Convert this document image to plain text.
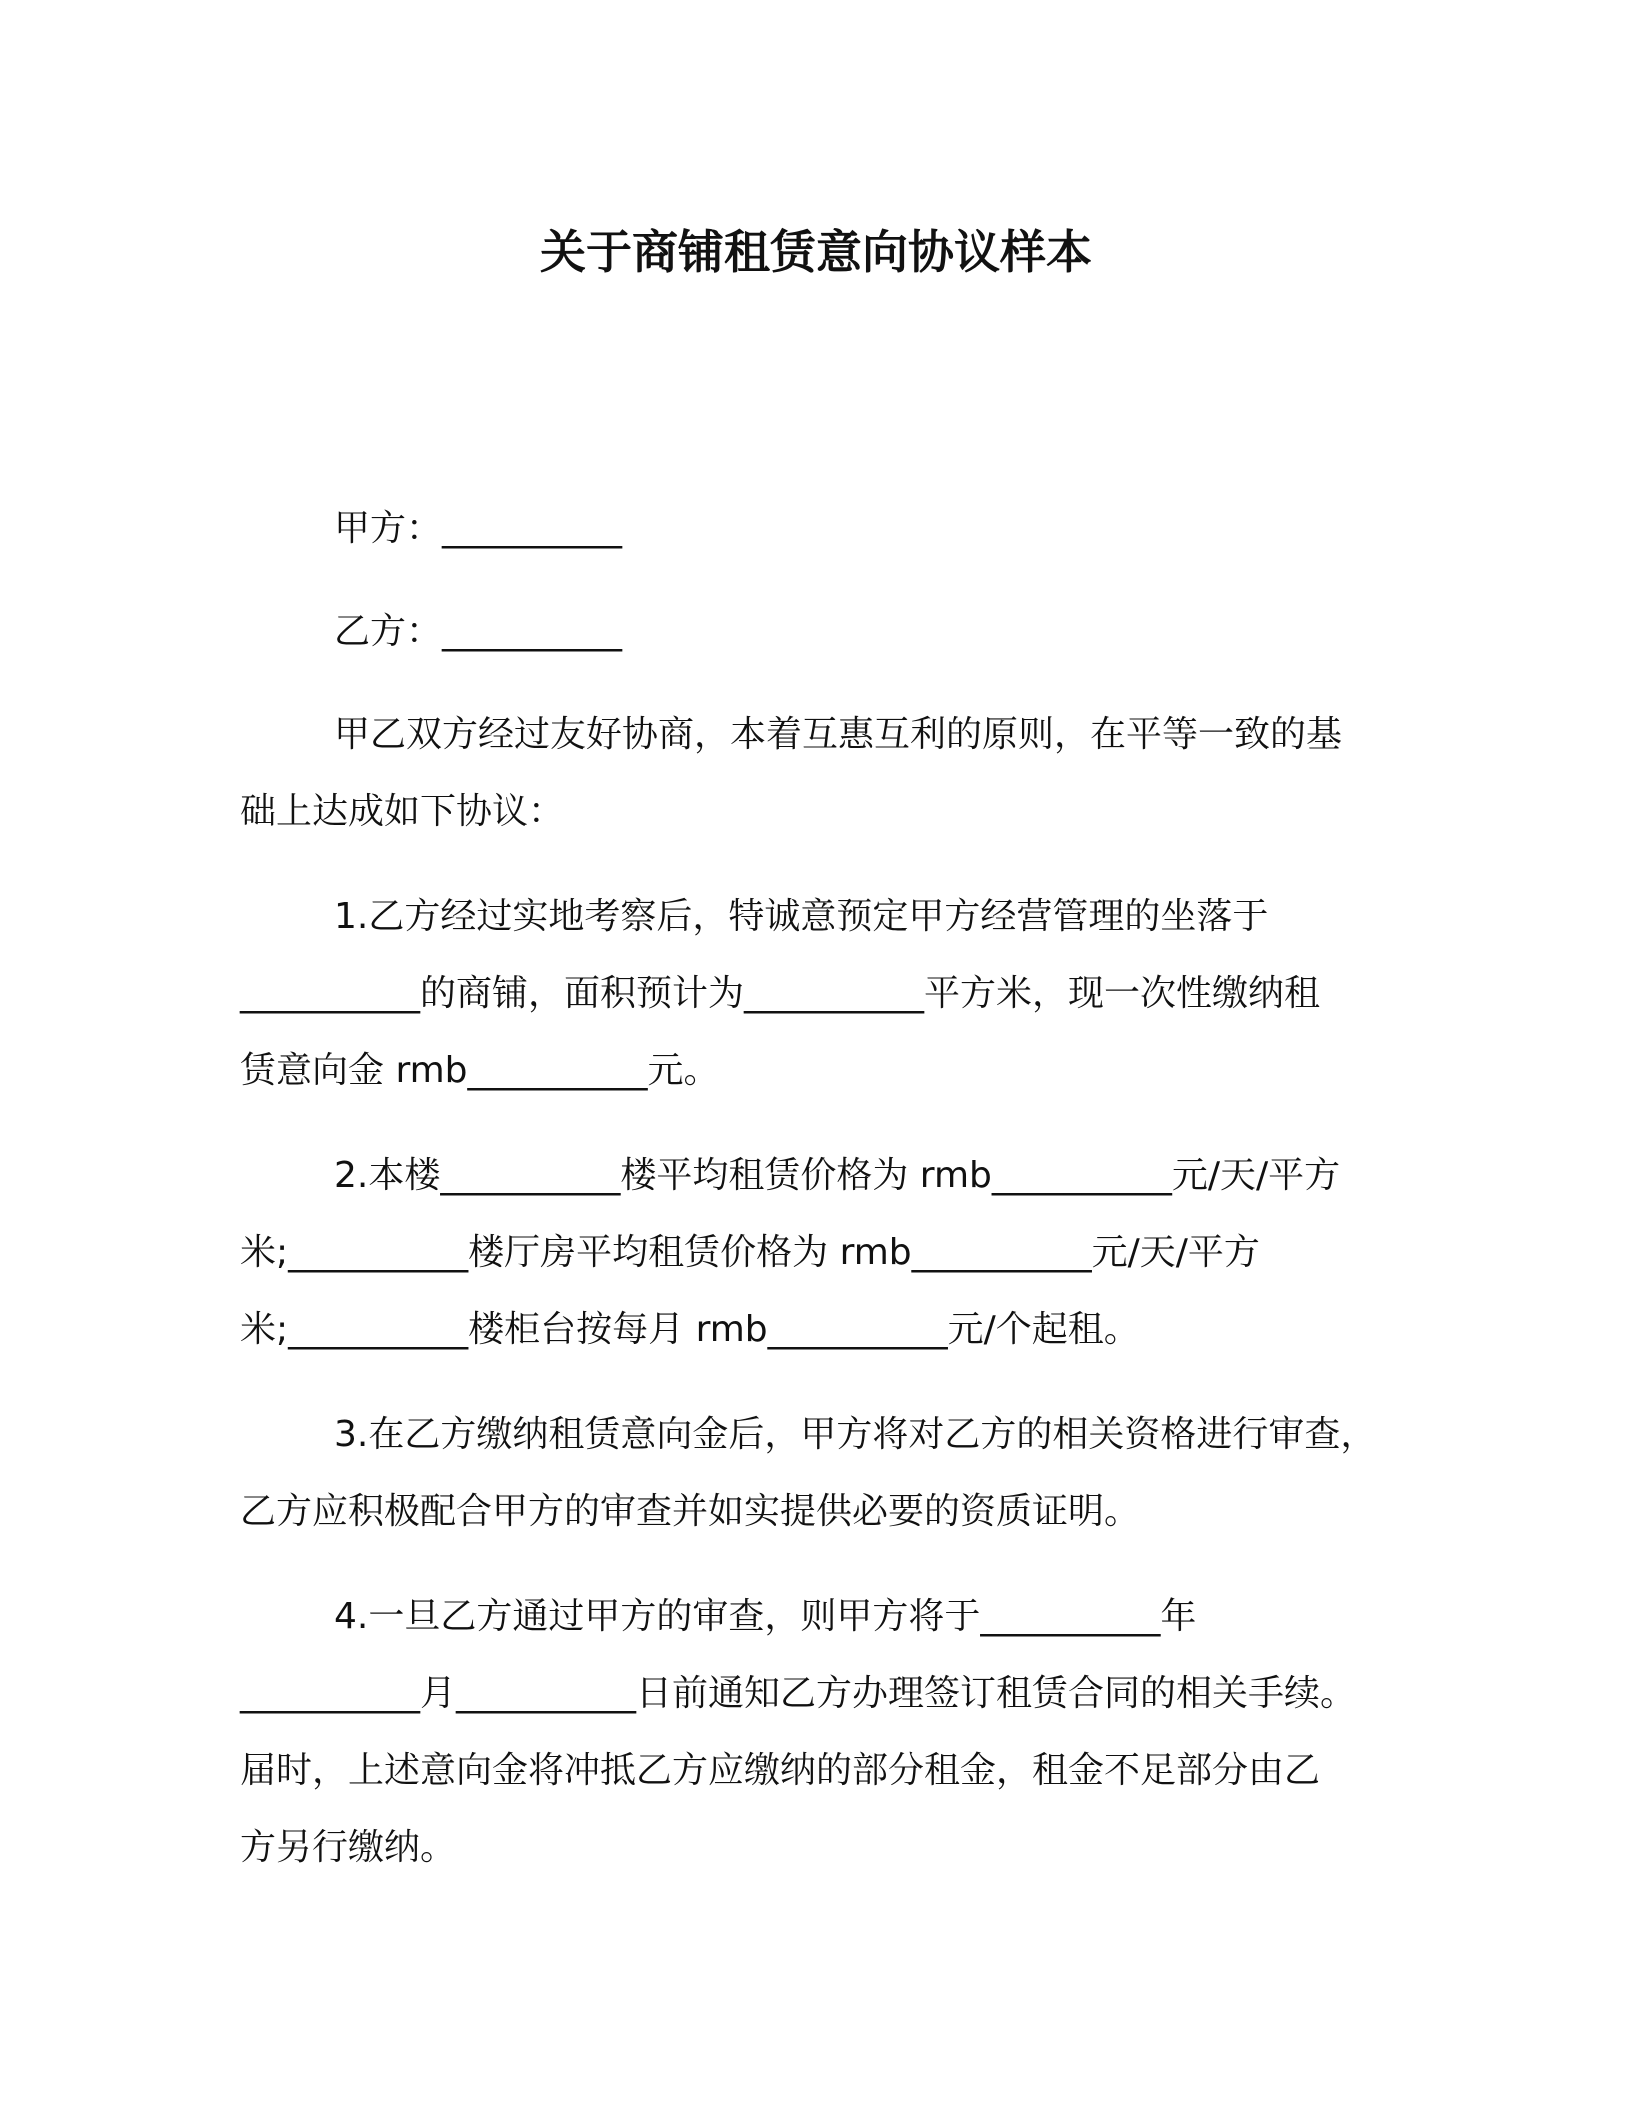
关于商铺租赁意向协议样本

甲方：__________

乙方：__________

甲乙双方经过友好协商，本着互惠互利的原则，在平等一致的基
础上达成如下协议：

1.乙方经过实地考察后，特诚意预定甲方经营管理的坐落于
__________的商铺，面积预计为__________平方米，现一次性缴纳租
赁意向金 rmb__________元。

2.本楼__________楼平均租赁价格为 rmb__________元/天/平方
米;__________楼厅房平均租赁价格为 rmb__________元/天/平方
米;__________楼柜台按每月 rmb__________元/个起租。

3.在乙方缴纳租赁意向金后，甲方将对乙方的相关资格进行审查，
乙方应积极配合甲方的审查并如实提供必要的资质证明。

4.一旦乙方通过甲方的审查，则甲方将于__________年
__________月__________日前通知乙方办理签订租赁合同的相关手续。
届时，上述意向金将冲抵乙方应缴纳的部分租金，租金不足部分由乙
方另行缴纳。
